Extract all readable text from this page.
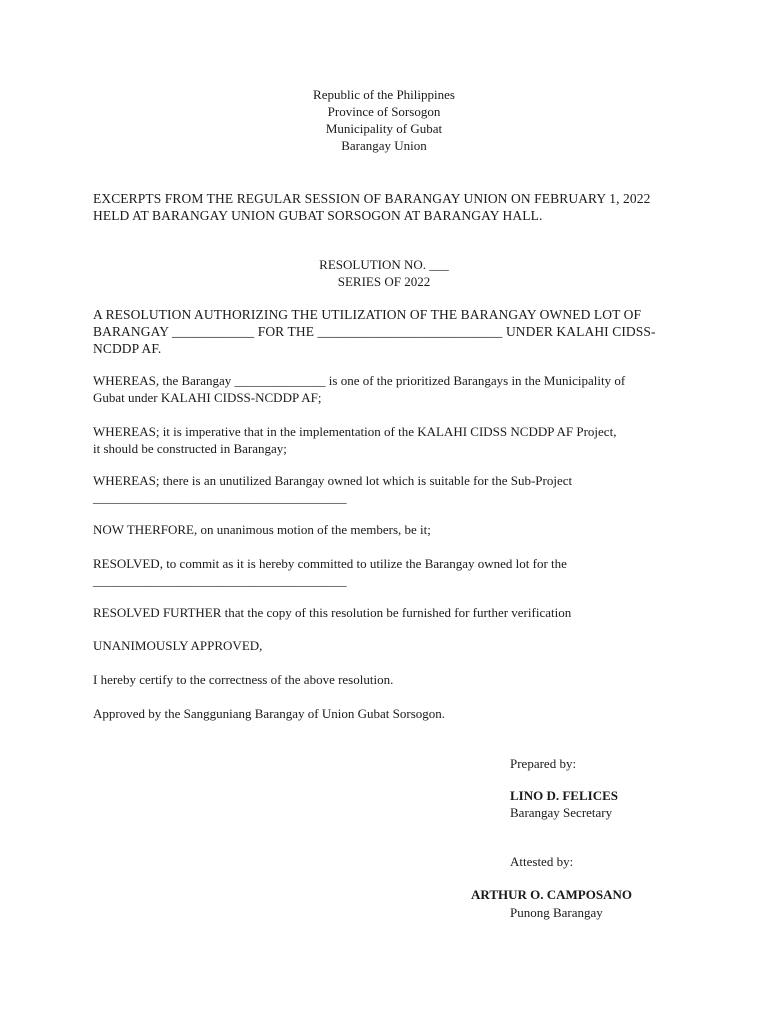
Republic of the Philippines
Province of Sorsogon
Municipality of Gubat
Barangay Union
EXCERPTS FROM THE REGULAR SESSION OF BARANGAY UNION ON FEBRUARY 1, 2022
HELD AT BARANGAY UNION GUBAT SORSOGON AT BARANGAY HALL.
RESOLUTION NO. ___
SERIES OF 2022
A RESOLUTION AUTHORIZING THE UTILIZATION OF THE BARANGAY OWNED LOT OF
BARANGAY ____________ FOR THE ___________________________ UNDER KALAHI CIDSS-
NCDDP AF.
WHEREAS, the Barangay ______________ is one of the prioritized Barangays in the Municipality of
Gubat under KALAHI CIDSS-NCDDP AF;
WHEREAS; it is imperative that in the implementation of the KALAHI CIDSS NCDDP AF Project,
it should be constructed in Barangay;
WHEREAS; there is an unutilized Barangay owned lot which is suitable for the Sub-Project
_______________________________________
NOW THERFORE, on unanimous motion of the members, be it;
RESOLVED, to commit as it is hereby committed to utilize the Barangay owned lot for the
_______________________________________
RESOLVED FURTHER that the copy of this resolution be furnished for further verification
UNANIMOUSLY APPROVED,
I hereby certify to the correctness of the above resolution.
Approved by the Sangguniang Barangay of Union Gubat Sorsogon.
Prepared by:
LINO D. FELICES
Barangay Secretary
Attested by:
ARTHUR O. CAMPOSANO
Punong Barangay
